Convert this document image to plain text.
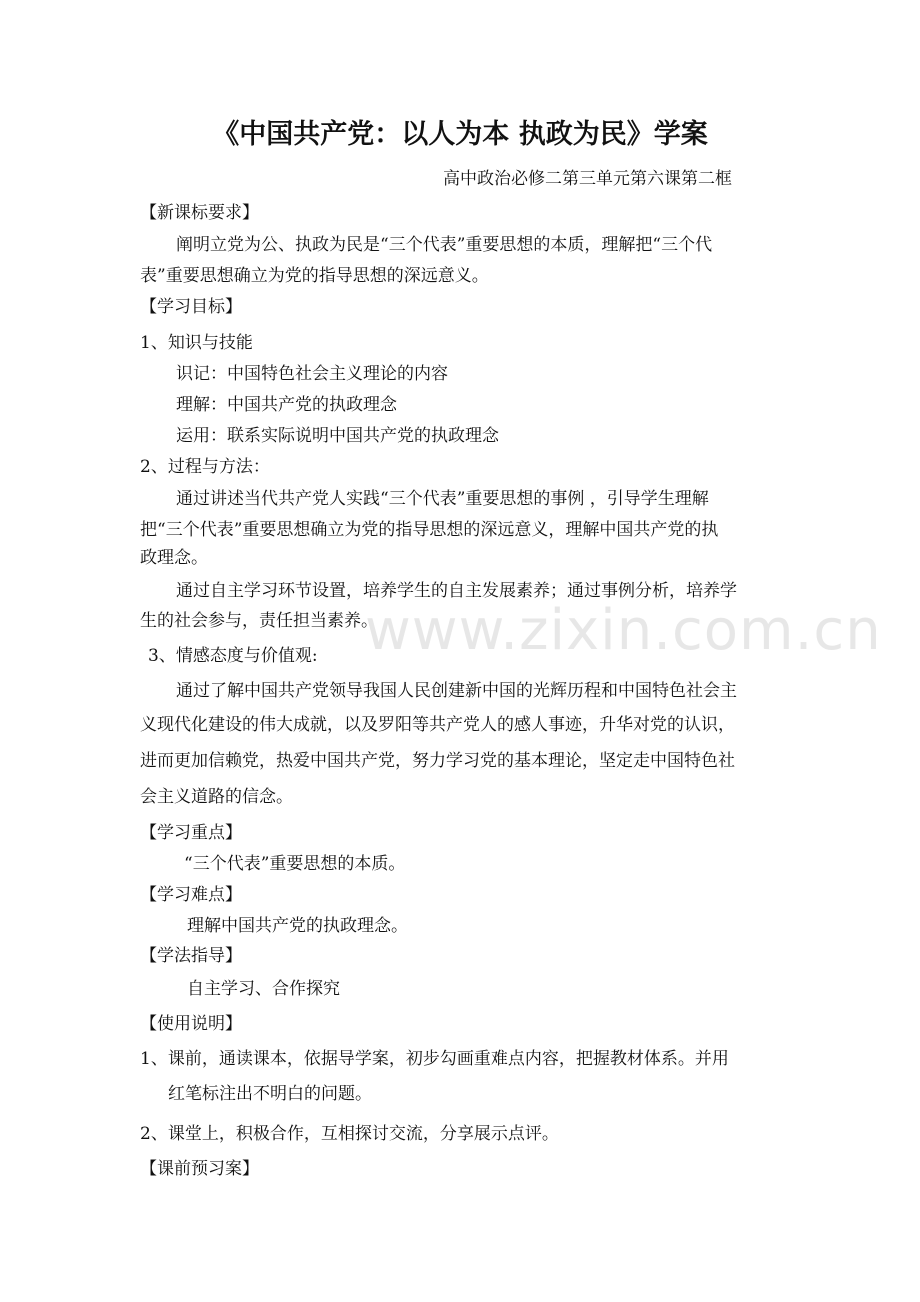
《中国共产党：以人为本 执政为民》学案
高中政治必修二第三单元第六课第二框
【新课标要求】
阐明立党为公、执政为民是“三个代表”重要思想的本质，理解把“三个代
表”重要思想确立为党的指导思想的深远意义。
【学习目标】
1、知识与技能
识记：中国特色社会主义理论的内容
理解：中国共产党的执政理念
运用：联系实际说明中国共产党的执政理念
2、过程与方法：
通过讲述当代共产党人实践“三个代表”重要思想的事例 ，引导学生理解
把“三个代表”重要思想确立为党的指导思想的深远意义，理解中国共产党的执
政理念。
通过自主学习环节设置，培养学生的自主发展素养；通过事例分析，培养学
生的社会参与，责任担当素养。
3、情感态度与价值观:
通过了解中国共产党领导我国人民创建新中国的光辉历程和中国特色社会主
义现代化建设的伟大成就，以及罗阳等共产党人的感人事迹，升华对党的认识，
进而更加信赖党，热爱中国共产党，努力学习党的基本理论，坚定走中国特色社
会主义道路的信念。
【学习重点】
“三个代表”重要思想的本质。
【学习难点】
理解中国共产党的执政理念。
【学法指导】
自主学习、合作探究
【使用说明】
1、课前，通读课本，依据导学案，初步勾画重难点内容，把握教材体系。并用
红笔标注出不明白的问题。
2、课堂上，积极合作，互相探讨交流，分享展示点评。
【课前预习案】
www.zixin.com.cn
